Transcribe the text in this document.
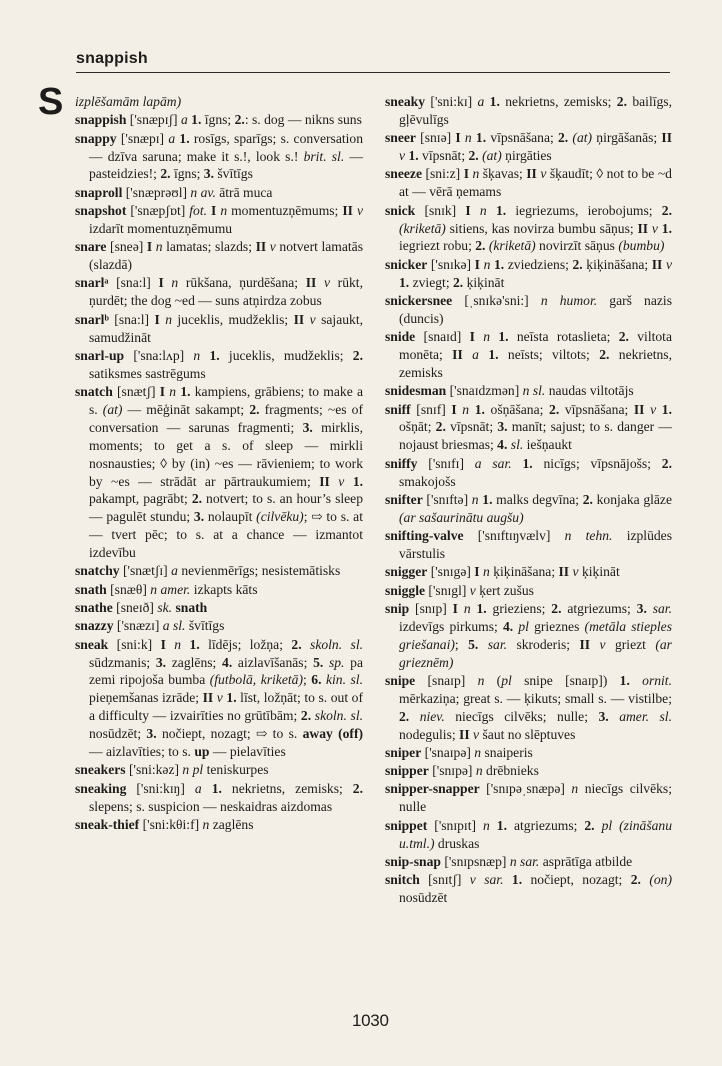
snappish
S izplēšamām lapām)
snappish ['snæpɪʃ] a 1. īgns; 2.: s. dog — nikns suns
snappy ['snæpɪ] a 1. rosīgs, sparīgs; s. conversation — dzīva saruna; make it s.!, look s.! brit. sl. — pasteidzies!; 2. īgns; 3. švītīgs
snaproll ['snæprəʊl] n av. ātrā muca
snapshot ['snæpʃɒt] fot. I n momentuzņēmums; II v izdarīt momentuzņēmumu
snare [sneə] I n lamatas; slazds; II v notvert lamatās (slazdā)
snarlᵃ [sna:l] I n rūkšana, ņurdēšana; II v rūkt, ņurdēt; the dog ~ed — suns atņirdza zobus
snarlᵇ [sna:l] I n juceklis, mudžeklis; II v sajaukt, samudžināt
snarl-up ['sna:lʌp] n 1. juceklis, mudžeklis; 2. satiksmes sastrēgums
snatch [snætʃ] I n 1. kampiens, grābiens; to make a s. (at) — mēģināt sakampt; 2. fragments; ~es of conversation — sarunas fragmenti; 3. mirklis, moments; to get a s. of sleep — mirkli nosnausties; ◊ by (in) ~es — rāvieniem; to work by ~es — strādāt ar pārtraukumiem; II v 1. pakampt, pagrābt; 2. notvert; to s. an hour’s sleep — pagulēt stundu; 3. nolaupīt (cilvēku); ⇨ to s. at — tvert pēc; to s. at a chance — izmantot izdevību
snatchy ['snætʃɪ] a nevienmērīgs; nesistemātisks
snath [snæθ] n amer. izkapts kāts
snathe [sneɪð] sk. snath
snazzy ['snæzɪ] a sl. švītīgs
sneak [sni:k] I n 1. līdējs; ložņa; 2. skoln. sl. sūdzmanis; 3. zaglēns; 4. aizlavīšanās; 5. sp. pa zemi ripojoša bumba (futbolā, kriketā); 6. kin. sl. pieņemšanas izrāde; II v 1. līst, ložņāt; to s. out of a difficulty — izvairīties no grūtībām; 2. skoln. sl. nosūdzēt; 3. nočiept, nozagt; ⇨ to s. away (off) — aizlavīties; to s. up — pielavīties
sneakers ['sni:kəz] n pl teniskurpes
sneaking ['sni:kɪŋ] a 1. nekrietns, zemisks; 2. slepens; s. suspicion — neskaidras aizdomas
sneak-thief ['sni:kθi:f] n zaglēns
sneaky ['sni:kɪ] a 1. nekrietns, zemisks; 2. bailīgs, gļēvulīgs
sneer [snɪə] I n 1. vīpsnāšana; 2. (at) ņirgāšanās; II v 1. vīpsnāt; 2. (at) ņirgāties
sneeze [sni:z] I n šķavas; II v šķaudīt; ◊ not to be ~d at — vērā ņemams
snick [snɪk] I n 1. iegriezums, ierobojums; 2. (kriketā) sitiens, kas novirza bumbu sāņus; II v 1. iegriezt robu; 2. (kriketā) novirzīt sāņus (bumbu)
snicker ['snɪkə] I n 1. zviedziens; 2. ķiķināšana; II v 1. zviegt; 2. ķiķināt
snickersnee [ˌsnɪkə'sni:] n humor. garš nazis (duncis)
snide [snaɪd] I n 1. neīsta rotaslieta; 2. viltota monēta; II a 1. neīsts; viltots; 2. nekrietns, zemisks
snidesman ['snaɪdzmən] n sl. naudas viltotājs
sniff [snɪf] I n 1. ošņāšana; 2. vīpsnāšana; II v 1. ošņāt; 2. vīpsnāt; 3. manīt; sajust; to s. danger — nojaust briesmas; 4. sl. iešņaukt
sniffy ['snɪfɪ] a sar. 1. nicīgs; vīpsnājošs; 2. smakojošs
snifter ['snɪftə] n 1. malks degvīna; 2. konjaka glāze (ar sašaurinātu augšu)
snifting-valve ['snɪftɪŋvælv] n tehn. izplūdes vārstulis
snigger ['snɪgə] I n ķiķināšana; II v ķiķināt
sniggle ['snɪgl] v ķert zušus
snip [snɪp] I n 1. grieziens; 2. atgriezums; 3. sar. izdevīgs pirkums; 4. pl grieznes (metāla stieples griešanai); 5. sar. skroderis; II v griezt (ar grieznēm)
snipe [snaɪp] n (pl snipe [snaɪp]) 1. ornit. mērkaziņa; great s. — ķikuts; small s. — vistilbe; 2. niev. niecīgs cilvēks; nulle; 3. amer. sl. nodegulis; II v šaut no slēptuves
sniper ['snaɪpə] n snaiperis
snipper ['snɪpə] n drēbnieks
snipper-snapper ['snɪpəˌsnæpə] n niecīgs cilvēks; nulle
snippet ['snɪpɪt] n 1. atgriezums; 2. pl (zināšanu u.tml.) druskas
snip-snap ['snɪpsnæp] n sar. asprātīga atbilde
snitch [snɪtʃ] v sar. 1. nočiept, nozagt; 2. (on) nosūdzēt
1030
